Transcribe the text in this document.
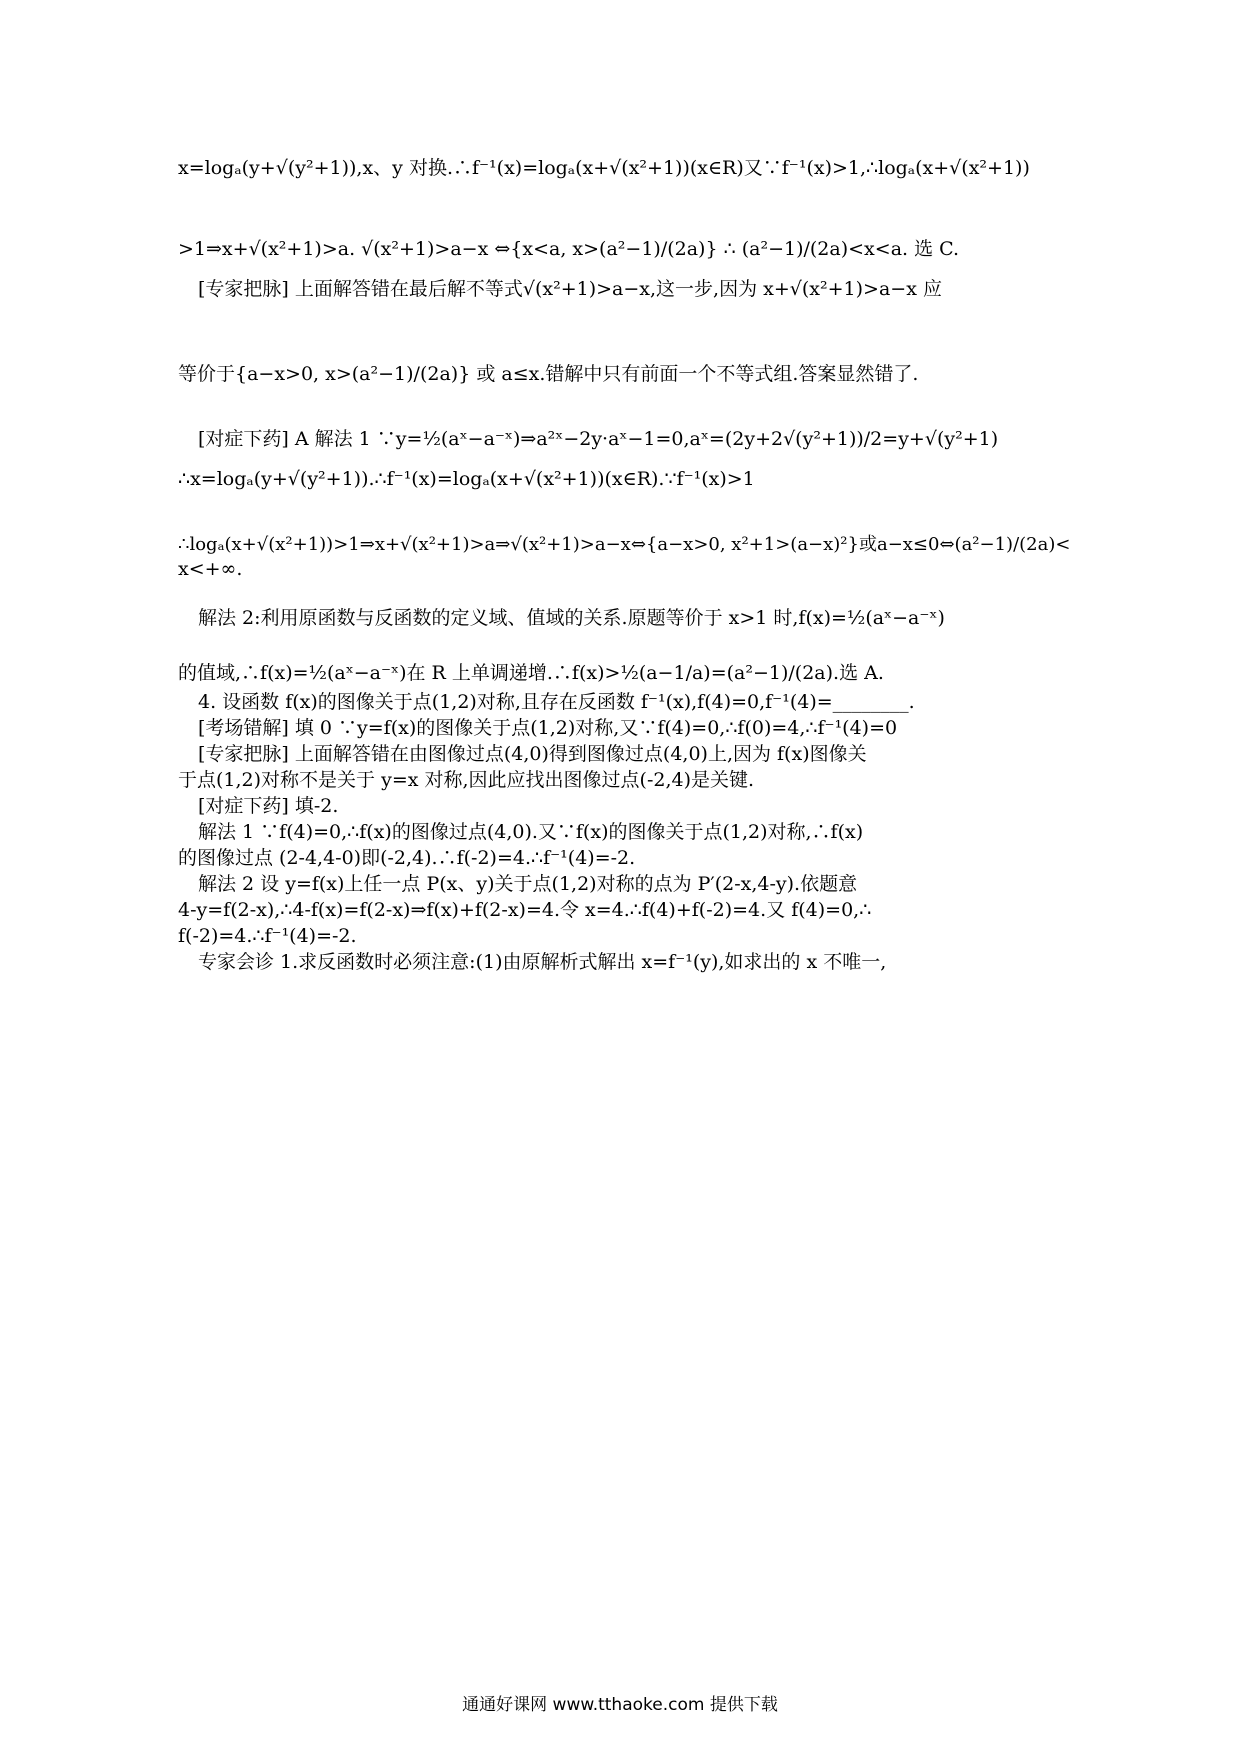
x=logₐ(y+√(y²+1)),x、y 对换.∴f⁻¹(x)=logₐ(x+√(x²+1))(x∈R)又∵f⁻¹(x)>1,∴logₐ(x+√(x²+1))
>1⇒x+√(x²+1)>a. √(x²+1)>a−x ⇔{x<a, x>(a²−1)/(2a)} ∴ (a²−1)/(2a)<x<a. 选 C.
[专家把脉] 上面解答错在最后解不等式√(x²+1)>a−x,这一步,因为 x+√(x²+1)>a−x 应
等价于{a−x>0, x>(a²−1)/(2a)} 或 a≤x.错解中只有前面一个不等式组.答案显然错了.
[对症下药] A 解法 1 ∵y=½(aˣ−a⁻ˣ)⇒a²ˣ−2y·aˣ−1=0,aˣ=(2y+2√(y²+1))/2=y+√(y²+1)
∴x=logₐ(y+√(y²+1)).∴f⁻¹(x)=logₐ(x+√(x²+1))(x∈R).∵f⁻¹(x)>1
∴logₐ(x+√(x²+1))>1⇒x+√(x²+1)>a⇒√(x²+1)>a−x⇔{a−x>0, x²+1>(a−x)²}或a−x≤0⇔(a²−1)/(2a)<
x<+∞.
解法 2:利用原函数与反函数的定义域、值域的关系.原题等价于 x>1 时,f(x)=½(aˣ−a⁻ˣ)
的值域,∴f(x)=½(aˣ−a⁻ˣ)在 R 上单调递增.∴f(x)>½(a−1/a)=(a²−1)/(2a).选 A.
4. 设函数 f(x)的图像关于点(1,2)对称,且存在反函数 f⁻¹(x),f(4)=0,f⁻¹(4)=________.
[考场错解] 填 0 ∵y=f(x)的图像关于点(1,2)对称,又∵f(4)=0,∴f(0)=4,∴f⁻¹(4)=0
[专家把脉] 上面解答错在由图像过点(4,0)得到图像过点(4,0)上,因为 f(x)图像关
于点(1,2)对称不是关于 y=x 对称,因此应找出图像过点(-2,4)是关键.
[对症下药] 填-2.
解法 1 ∵f(4)=0,∴f(x)的图像过点(4,0).又∵f(x)的图像关于点(1,2)对称,∴f(x)
的图像过点 (2-4,4-0)即(-2,4).∴f(-2)=4.∴f⁻¹(4)=-2.
解法 2 设 y=f(x)上任一点 P(x、y)关于点(1,2)对称的点为 P′(2-x,4-y).依题意
4-y=f(2-x),∴4-f(x)=f(2-x)⇒f(x)+f(2-x)=4.令 x=4.∴f(4)+f(-2)=4.又 f(4)=0,∴
f(-2)=4.∴f⁻¹(4)=-2.
专家会诊 1.求反函数时必须注意:(1)由原解析式解出 x=f⁻¹(y),如求出的 x 不唯一,
通通好课网 www.tthaoke.com 提供下载
